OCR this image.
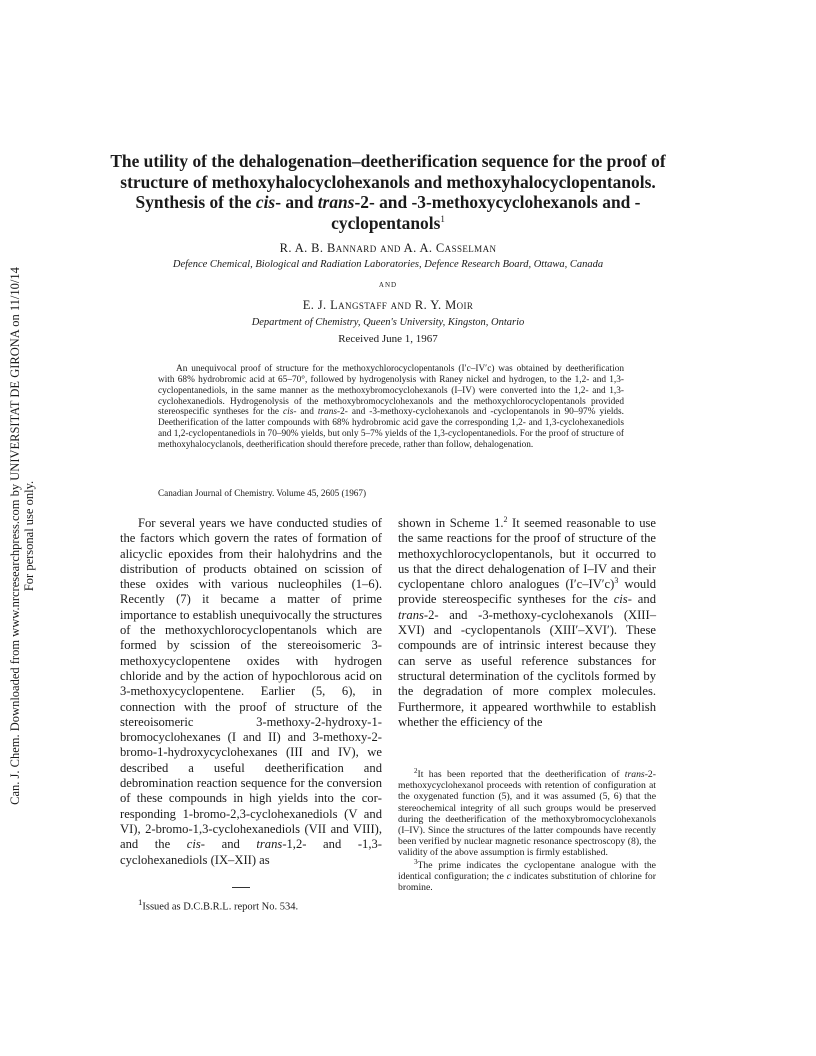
Can. J. Chem. Downloaded from www.nrcresearchpress.com by UNIVERSITAT DE GIRONA on 11/10/14 For personal use only.
The utility of the dehalogenation–deetherification sequence for the proof of structure of methoxyhalocyclohexanols and methoxyhalocyclopentanols. Synthesis of the cis- and trans-2- and -3-methoxycyclohexanols and -cyclopentanols$^1$
R. A. B. Bannard and A. A. Casselman
Defence Chemical, Biological and Radiation Laboratories, Defence Research Board, Ottawa, Canada
and
E. J. Langstaff and R. Y. Moir
Department of Chemistry, Queen's University, Kingston, Ontario
Received June 1, 1967

An unequivocal proof of structure for the methoxychlorocyclopentanols (I′c–IV′c) was obtained by deetherification with 68% hydrobromic acid at 65–70°, followed by hydrogenolysis with Raney nickel and hydrogen, to the 1,2- and 1,3-cyclopentanediols, in the same manner as the methoxybromocyclohexanols (I–IV) were converted into the 1,2- and 1,3-cyclohexanediols. Hydrogenolysis of the methoxybromocyclohexanols and the methoxychlorocyclopentanols provided stereospecific syntheses for the cis- and trans-2- and -3-methoxy-cyclohexanols and -cyclopentanols in 90–97% yields. Deetherification of the latter compounds with 68% hydrobromic acid gave the corresponding 1,2- and 1,3-cyclohexanediols and 1,2-cyclopentanediols in 70–90% yields, but only 5–7% yields of the 1,3-cyclopentanediols. For the proof of structure of methoxyhalocyclanols, deetherification should therefore precede, rather than follow, dehalogenation.

Canadian Journal of Chemistry. Volume 45, 2605 (1967)

For several years we have conducted studies of the factors which govern the rates of formation of alicyclic epoxides from their halohydrins and the distribution of products obtained on scission of these oxides with various nucleophiles (1–6). Recently (7) it became a matter of prime importance to establish unequivocally the structures of the methoxychlorocyclopentanols which are formed by scission of the stereoisomeric 3-methoxycyclopentene oxides with hydrogen chloride and by the action of hypochlorous acid on 3-methoxycyclopentene. Earlier (5, 6), in connection with the proof of structure of the stereoisomeric 3-methoxy-2-hydroxy-1-bromocyclohexanes (I and II) and 3-methoxy-2-bromo-1-hydroxycyclohexanes (III and IV), we described a useful deetherification and debromination reaction sequence for the conversion of these compounds in high yields into the corresponding 1-bromo-2,3-cyclohexanediols (V and VI), 2-bromo-1,3-cyclohexanediols (VII and VIII), and the cis- and trans-1,2- and -1,3-cyclohexanediols (IX–XII) as

shown in Scheme 1.$^2$ It seemed reasonable to use the same reactions for the proof of structure of the methoxychlorocyclopentanols, but it occurred to us that the direct dehalogenation of I–IV and their cyclopentane chloro analogues $(I'c-IV'c)^3$ would provide stereospecific syntheses for the cis- and trans-2- and -3-methoxy-cyclohexanols (XIII–XVI) and -cyclopentanols (XIII′–XVI′). These compounds are of intrinsic interest because they can serve as useful reference substances for structural determination of the cyclitols formed by the degradation of more complex molecules. Furthermore, it appeared worthwhile to establish whether the efficiency of the

$^1$Issued as D.C.B.R.L. report No. 534.

$^2$It has been reported that the deetherification of trans-2-methoxycyclohexanol proceeds with retention of configuration at the oxygenated function (5), and it was assumed (5, 6) that the stereochemical integrity of all such groups would be preserved during the deetherification of the methoxybromocyclohexanols (I–IV). Since the structures of the latter compounds have recently been verified by nuclear magnetic resonance spectroscopy (8), the validity of the above assumption is firmly established.

$^3$The prime indicates the cyclopentane analogue with the identical configuration; the c indicates substitution of chlorine for bromine.
